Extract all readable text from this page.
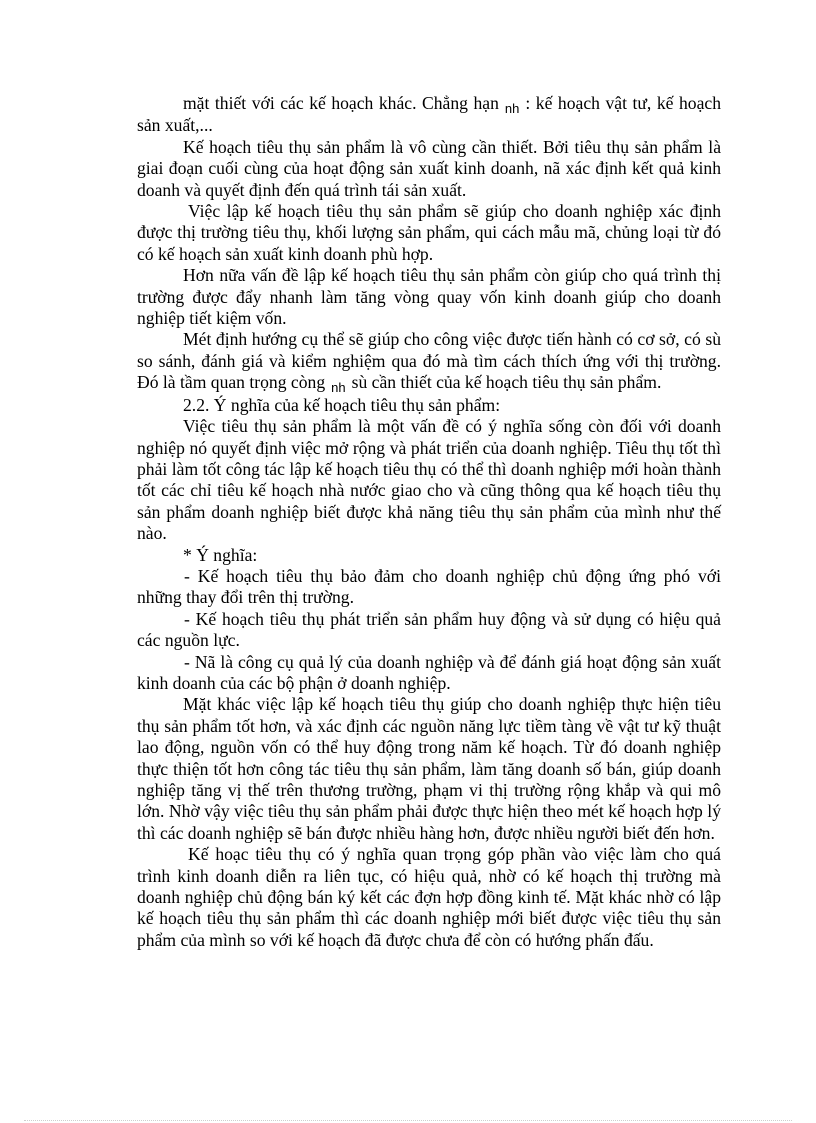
mặt thiết với các kế hoạch khác. Chẳng hạn $_{nh}$ : kế hoạch vật tư, kế hoạch sản xuất,...

Kế hoạch tiêu thụ sản phẩm là vô cùng cần thiết. Bởi tiêu thụ sản phẩm là giai đoạn cuối cùng của hoạt động sản xuất kinh doanh, nã xác định kết quả kinh doanh và quyết định đến quá trình tái sản xuất.

Việc lập kế hoạch tiêu thụ sản phẩm sẽ giúp cho doanh nghiệp xác định được thị trường tiêu thụ, khối lượng sản phẩm, qui cách mẫu mã, chủng loại từ đó có kế hoạch sản xuất kinh doanh phù hợp.

Hơn nữa vấn đề lập kế hoạch tiêu thụ sản phẩm còn giúp cho quá trình thị trường được đẩy nhanh làm tăng vòng quay vốn kinh doanh giúp cho doanh nghiệp tiết kiệm vốn.

Mét định hướng cụ thể sẽ giúp cho công việc được tiến hành có cơ sở, có sù so sánh, đánh giá và kiểm nghiệm qua đó mà tìm cách thích ứng với thị trường. Đó là tầm quan trọng còng $_{nh}$ sù cần thiết của kế hoạch tiêu thụ sản phẩm.

2.2. Ý nghĩa của kế hoạch tiêu thụ sản phẩm:

Việc tiêu thụ sản phẩm là một vấn đề có ý nghĩa sống còn đối với doanh nghiệp nó quyết định việc mở rộng và phát triển của doanh nghiệp. Tiêu thụ tốt thì phải làm tốt công tác lập kế hoạch tiêu thụ có thể thì doanh nghiệp mới hoàn thành tốt các chỉ tiêu kế hoạch nhà nước giao cho và cũng thông qua kế hoạch tiêu thụ sản phẩm doanh nghiệp biết được khả năng tiêu thụ sản phẩm của mình như thế nào.

* Ý nghĩa:

- Kế hoạch tiêu thụ bảo đảm cho doanh nghiệp chủ động ứng phó với những thay đổi trên thị trường.

- Kế hoạch tiêu thụ phát triển sản phẩm huy động và sử dụng có hiệu quả các nguồn lực.

- Nã là công cụ quả lý của doanh nghiệp và để đánh giá hoạt động sản xuất kinh doanh của các bộ phận ở doanh nghiệp.

Mặt khác việc lập kế hoạch tiêu thụ giúp cho doanh nghiệp thực hiện tiêu thụ sản phẩm tốt hơn, và xác định các nguồn năng lực tiềm tàng về vật tư kỹ thuật lao động, nguồn vốn có thể huy động trong năm kế hoạch. Từ đó doanh nghiệp thực thiện tốt hơn công tác tiêu thụ sản phẩm, làm tăng doanh số bán, giúp doanh nghiệp tăng vị thế trên thương trường, phạm vi thị trường rộng khắp và qui mô lớn. Nhờ vậy việc tiêu thụ sản phẩm phải được thực hiện theo mét kế hoạch hợp lý thì các doanh nghiệp sẽ bán được nhiều hàng hơn, được nhiều người biết đến hơn.

Kế hoạc tiêu thụ có ý nghĩa quan trọng góp phần vào việc làm cho quá trình kinh doanh diễn ra liên tục, có hiệu quả, nhờ có kế hoạch thị trường mà doanh nghiệp chủ động bán ký kết các đợn hợp đồng kinh tế. Mặt khác nhờ có lập kế hoạch tiêu thụ sản phẩm thì các doanh nghiệp mới biết được việc tiêu thụ sản phẩm của mình so với kế hoạch đã được chưa để còn có hướng phấn đấu.
